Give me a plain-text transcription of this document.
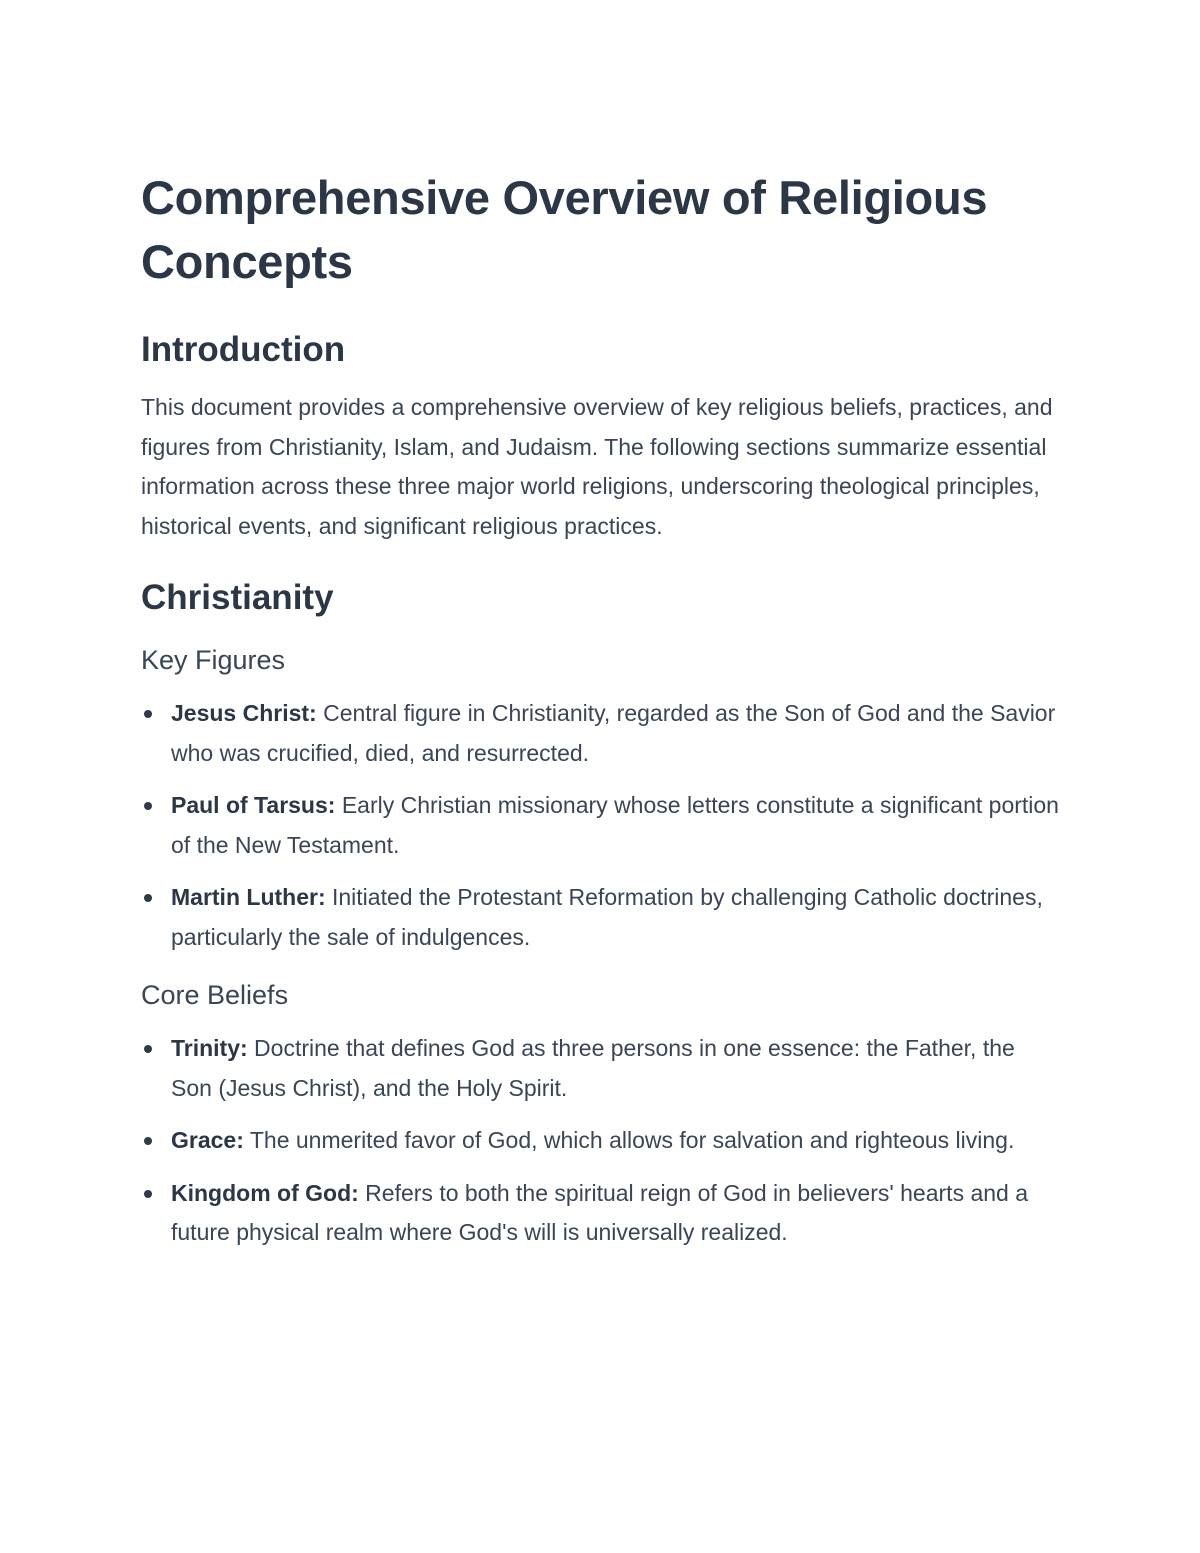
Comprehensive Overview of Religious Concepts
Introduction

This document provides a comprehensive overview of key religious beliefs, practices, and figures from Christianity, Islam, and Judaism. The following sections summarize essential information across these three major world religions, underscoring theological principles, historical events, and significant religious practices.

Christianity
Key Figures
Jesus Christ: Central figure in Christianity, regarded as the Son of God and the Savior who was crucified, died, and resurrected.
Paul of Tarsus: Early Christian missionary whose letters constitute a significant portion of the New Testament.
Martin Luther: Initiated the Protestant Reformation by challenging Catholic doctrines, particularly the sale of indulgences.
Core Beliefs
Trinity: Doctrine that defines God as three persons in one essence: the Father, the Son (Jesus Christ), and the Holy Spirit.
Grace: The unmerited favor of God, which allows for salvation and righteous living.
Kingdom of God: Refers to both the spiritual reign of God in believers' hearts and a future physical realm where God's will is universally realized.
